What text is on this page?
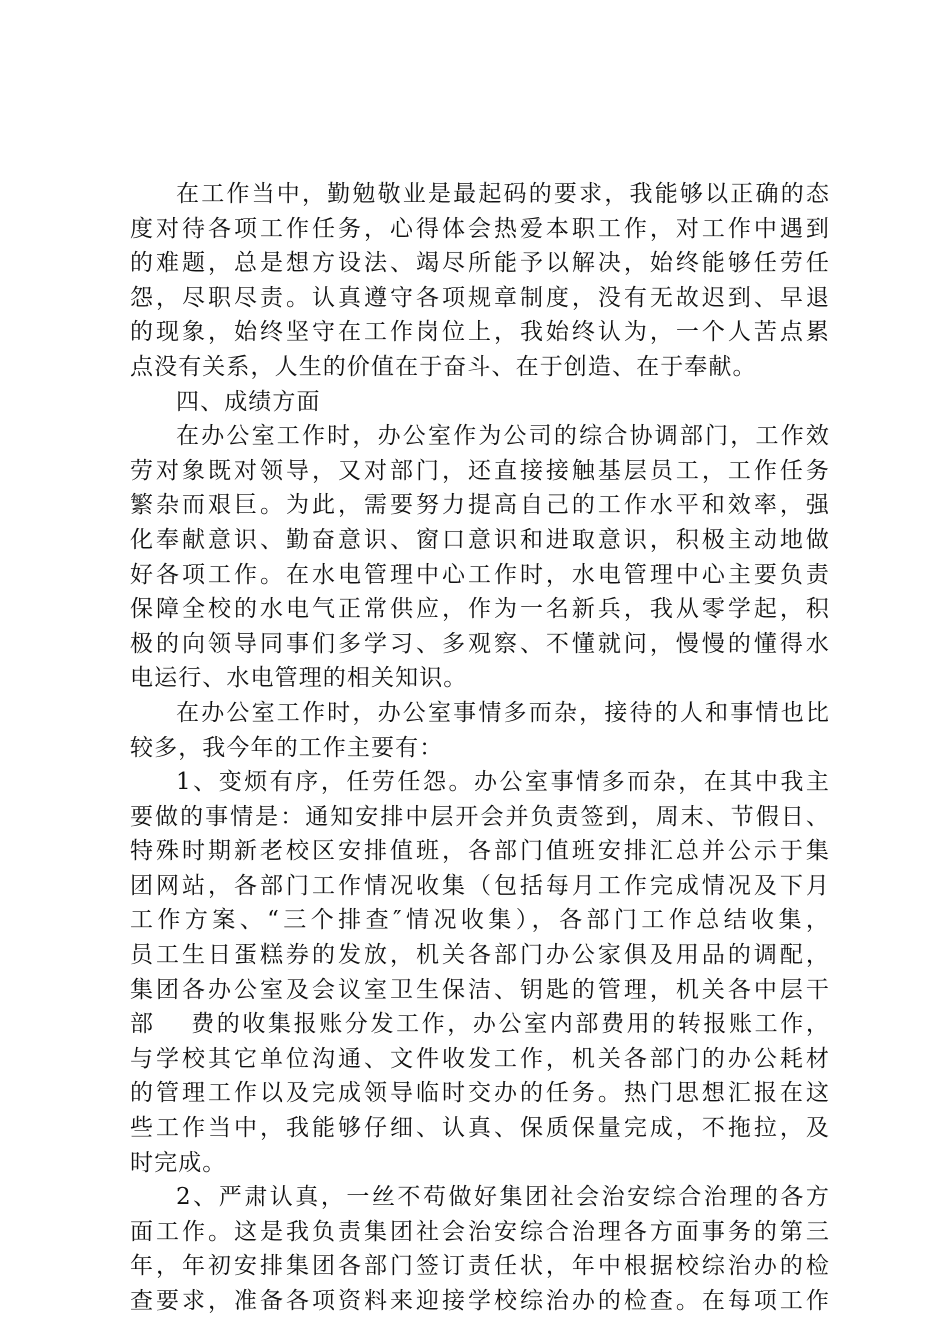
在工作当中，勤勉敬业是最起码的要求，我能够以正确的态
度对待各项工作任务，心得体会热爱本职工作，对工作中遇到
的难题，总是想方设法、竭尽所能予以解决，始终能够任劳任
怨，尽职尽责。认真遵守各项规章制度，没有无故迟到、早退
的现象，始终坚守在工作岗位上，我始终认为，一个人苦点累
点没有关系，人生的价值在于奋斗、在于创造、在于奉献。
四、成绩方面
在办公室工作时，办公室作为公司的综合协调部门，工作效
劳对象既对领导，又对部门，还直接接触基层员工，工作任务
繁杂而艰巨。为此，需要努力提高自己的工作水平和效率，强
化奉献意识、勤奋意识、窗口意识和进取意识，积极主动地做
好各项工作。在水电管理中心工作时，水电管理中心主要负责
保障全校的水电气正常供应，作为一名新兵，我从零学起，积
极的向领导同事们多学习、多观察、不懂就问，慢慢的懂得水
电运行、水电管理的相关知识。
在办公室工作时，办公室事情多而杂，接待的人和事情也比
较多，我今年的工作主要有：
1、变烦有序，任劳任怨。办公室事情多而杂，在其中我主
要做的事情是：通知安排中层开会并负责签到，周末、节假日、
特殊时期新老校区安排值班，各部门值班安排汇总并公示于集
团网站，各部门工作情况收集（包括每月工作完成情况及下月
工作方案、“三个排查″情况收集），各部门工作总结收集，
员工生日蛋糕券的发放，机关各部门办公家俱及用品的调配，
集团各办公室及会议室卫生保洁、钥匙的管理，机关各中层干
部　 费的收集报账分发工作，办公室内部费用的转报账工作，
与学校其它单位沟通、文件收发工作，机关各部门的办公耗材
的管理工作以及完成领导临时交办的任务。热门思想汇报在这
些工作当中，我能够仔细、认真、保质保量完成，不拖拉，及
时完成。
2、严肃认真，一丝不苟做好集团社会治安综合治理的各方
面工作。这是我负责集团社会治安综合治理各方面事务的第三
年，年初安排集团各部门签订责任状，年中根据校综治办的检
查要求，准备各项资料来迎接学校综治办的检查。在每项工作
